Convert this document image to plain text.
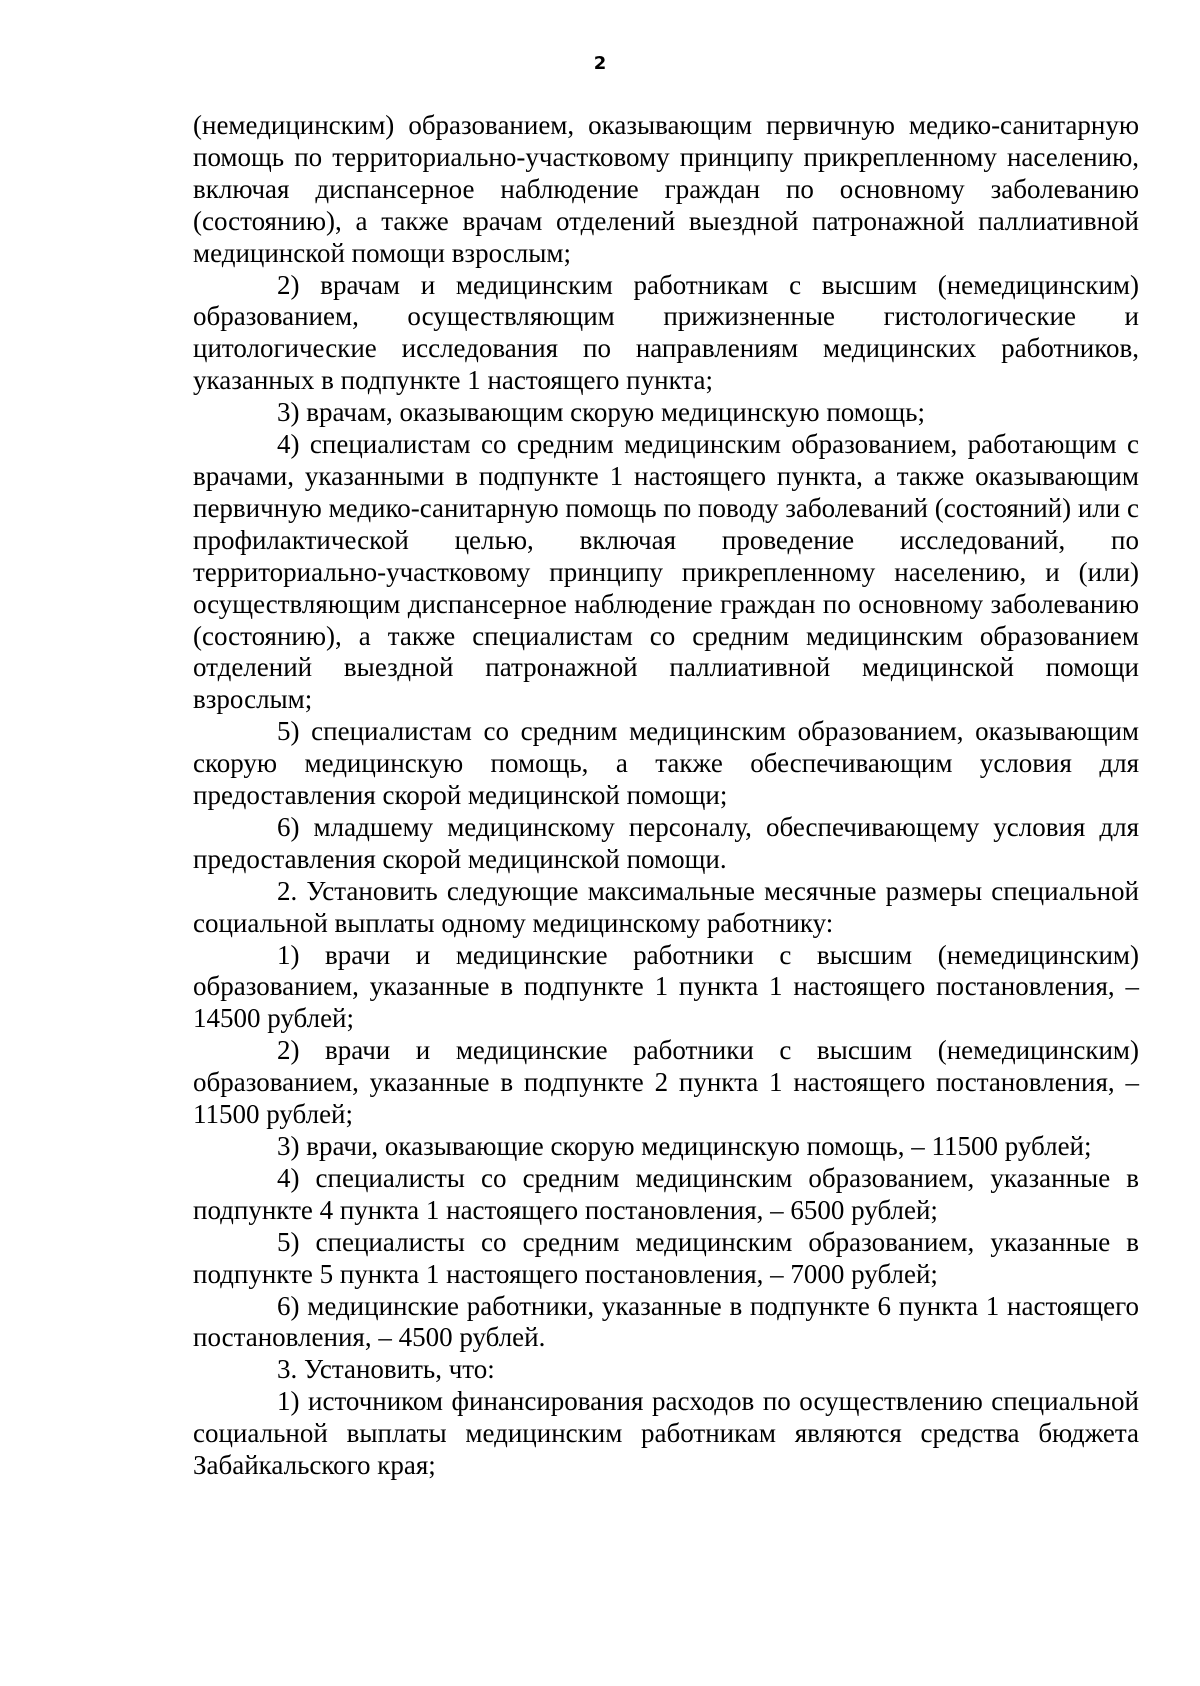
2

(немедицинским) образованием, оказывающим первичную медико-санитарную помощь по территориально-участковому принципу прикрепленному населению, включая диспансерное наблюдение граждан по основному заболеванию (состоянию), а также врачам отделений выездной патронажной паллиативной медицинской помощи взрослым;

2) врачам и медицинским работникам с высшим (немедицинским) образованием, осуществляющим прижизненные гистологические и цитологические исследования по направлениям медицинских работников, указанных в подпункте 1 настоящего пункта;

3) врачам, оказывающим скорую медицинскую помощь;

4) специалистам со средним медицинским образованием, работающим с врачами, указанными в подпункте 1 настоящего пункта, а также оказывающим первичную медико-санитарную помощь по поводу заболеваний (состояний) или с профилактической целью, включая проведение исследований, по территориально-участковому принципу прикрепленному населению, и (или) осуществляющим диспансерное наблюдение граждан по основному заболеванию (состоянию), а также специалистам со средним медицинским образованием отделений выездной патронажной паллиативной медицинской помощи взрослым;

5) специалистам со средним медицинским образованием, оказывающим скорую медицинскую помощь, а также обеспечивающим условия для предоставления скорой медицинской помощи;

6) младшему медицинскому персоналу, обеспечивающему условия для предоставления скорой медицинской помощи.

2. Установить следующие максимальные месячные размеры специальной социальной выплаты одному медицинскому работнику:

1) врачи и медицинские работники с высшим (немедицинским) образованием, указанные в подпункте 1 пункта 1 настоящего постановления, – 14500 рублей;

2) врачи и медицинские работники с высшим (немедицинским) образованием, указанные в подпункте 2 пункта 1 настоящего постановления, – 11500 рублей;

3) врачи, оказывающие скорую медицинскую помощь, – 11500 рублей;

4) специалисты со средним медицинским образованием, указанные в подпункте 4 пункта 1 настоящего постановления, – 6500 рублей;

5) специалисты со средним медицинским образованием, указанные в подпункте 5 пункта 1 настоящего постановления, – 7000 рублей;

6) медицинские работники, указанные в подпункте 6 пункта 1 настоящего постановления, – 4500 рублей.

3. Установить, что:

1) источником финансирования расходов по осуществлению специальной социальной выплаты медицинским работникам являются средства бюджета Забайкальского края;
